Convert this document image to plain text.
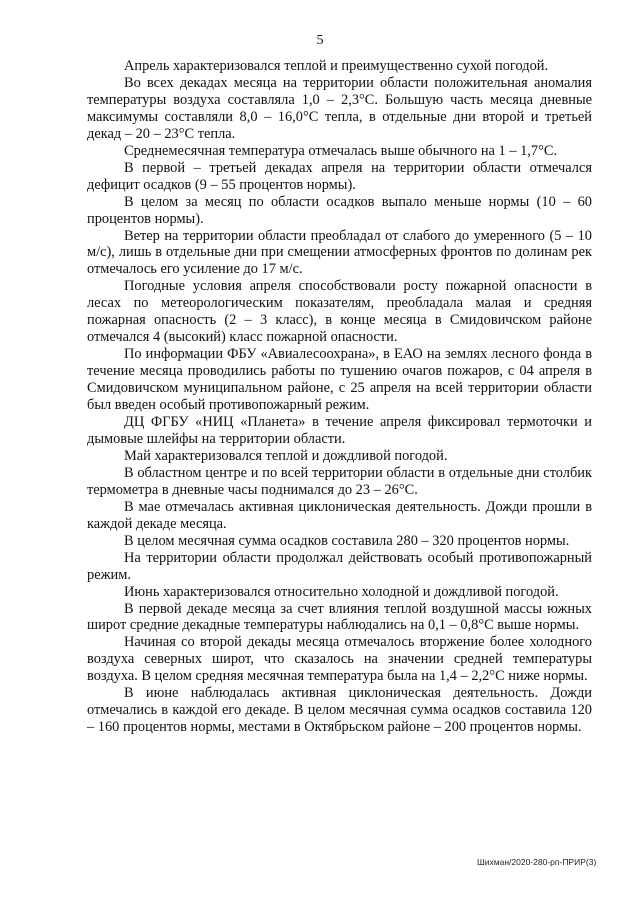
5

Апрель характеризовался теплой и преимущественно сухой погодой.

Во всех декадах месяца на территории области положительная аномалия температуры воздуха составляла 1,0 – 2,3°С. Большую часть месяца дневные максимумы составляли 8,0 – 16,0°С тепла, в отдельные дни второй и третьей декад – 20 – 23°С тепла.

Среднемесячная температура отмечалась выше обычного на 1 – 1,7°С.

В первой – третьей декадах апреля на территории области отмечался дефицит осадков (9 – 55 процентов нормы).

В целом за месяц по области осадков выпало меньше нормы (10 – 60 процентов нормы).

Ветер на территории области преобладал от слабого до умеренного (5 – 10 м/с), лишь в отдельные дни при смещении атмосферных фронтов по долинам рек отмечалось его усиление до 17 м/с.

Погодные условия апреля способствовали росту пожарной опасности в лесах по метеорологическим показателям, преобладала малая и средняя пожарная опасность (2 – 3 класс), в конце месяца в Смидовичском районе отмечался 4 (высокий) класс пожарной опасности.

По информации ФБУ «Авиалесоохрана», в ЕАО на землях лесного фонда в течение месяца проводились работы по тушению очагов пожаров, с 04 апреля в Смидовичском муниципальном районе, с 25 апреля на всей территории области был введен особый противопожарный режим.

ДЦ ФГБУ «НИЦ «Планета» в течение апреля фиксировал термоточки и дымовые шлейфы на территории области.

Май характеризовался теплой и дождливой погодой.

В областном центре и по всей территории области в отдельные дни столбик термометра в дневные часы поднимался до 23 – 26°С.

В мае отмечалась активная циклоническая деятельность. Дожди прошли в каждой декаде месяца.

В целом месячная сумма осадков составила 280 – 320 процентов нормы.

На территории области продолжал действовать особый противопожарный режим.

Июнь характеризовался относительно холодной и дождливой погодой.

В первой декаде месяца за счет влияния теплой воздушной массы южных широт средние декадные температуры наблюдались на 0,1 – 0,8°С выше нормы.

Начиная со второй декады месяца отмечалось вторжение более холодного воздуха северных широт, что сказалось на значении средней температуры воздуха. В целом средняя месячная температура была на 1,4 – 2,2°С ниже нормы.

В июне наблюдалась активная циклоническая деятельность. Дожди отмечались в каждой его декаде. В целом месячная сумма осадков составила 120 – 160 процентов нормы, местами в Октябрьском районе – 200 процентов нормы.

Шихман/2020-280-рп-ПРИР(3)
